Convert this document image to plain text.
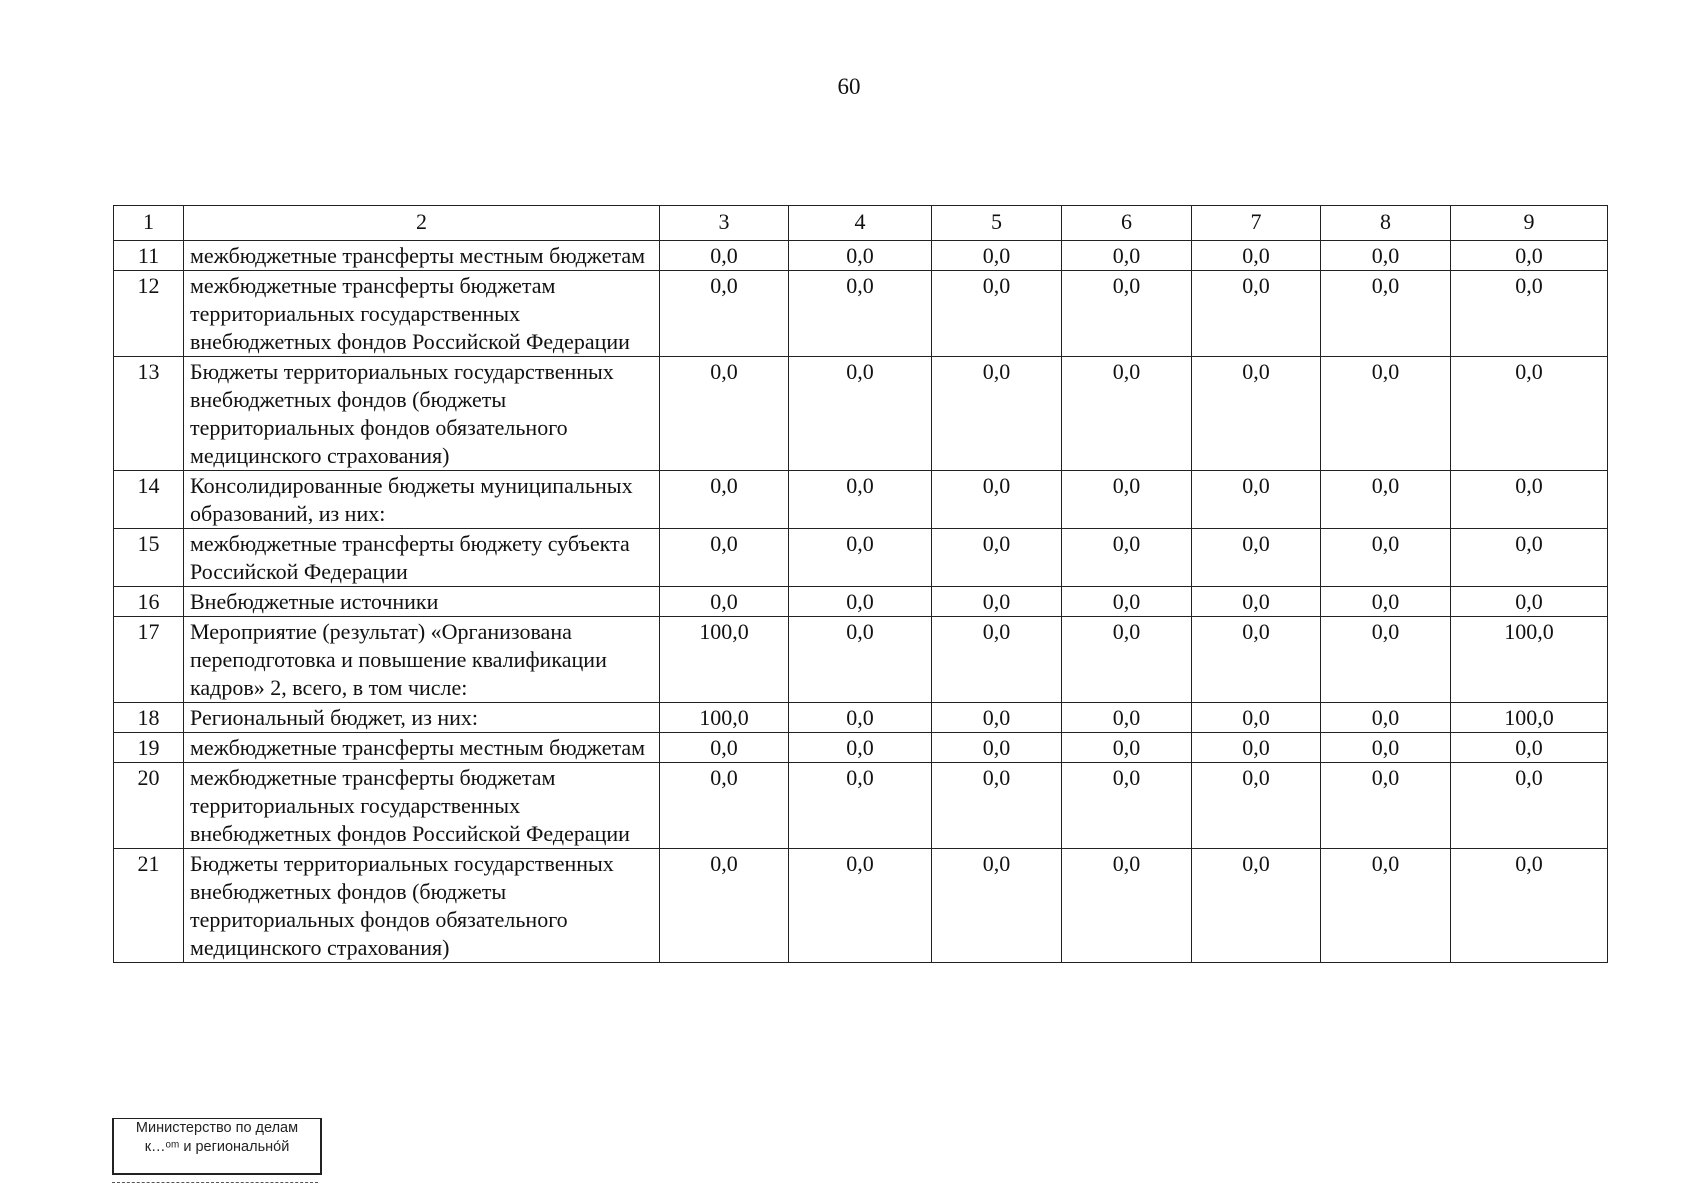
60
1	2	3	4	5	6	7	8	9
11	межбюджетные трансферты местным бюджетам	0,0	0,0	0,0	0,0	0,0	0,0	0,0
12	межбюджетные трансферты бюджетам территориальных государственных внебюджетных фондов Российской Федерации	0,0	0,0	0,0	0,0	0,0	0,0	0,0
13	Бюджеты территориальных государственных внебюджетных фондов (бюджеты территориальных фондов обязательного медицинского страхования)	0,0	0,0	0,0	0,0	0,0	0,0	0,0
14	Консолидированные бюджеты муниципальных образований, из них:	0,0	0,0	0,0	0,0	0,0	0,0	0,0
15	межбюджетные трансферты бюджету субъекта Российской Федерации	0,0	0,0	0,0	0,0	0,0	0,0	0,0
16	Внебюджетные источники	0,0	0,0	0,0	0,0	0,0	0,0	0,0
17	Мероприятие (результат) «Организована переподготовка и повышение квалификации кадров» 2, всего, в том числе:	100,0	0,0	0,0	0,0	0,0	0,0	100,0
18	Региональный бюджет, из них:	100,0	0,0	0,0	0,0	0,0	0,0	100,0
19	межбюджетные трансферты местным бюджетам	0,0	0,0	0,0	0,0	0,0	0,0	0,0
20	межбюджетные трансферты бюджетам территориальных государственных внебюджетных фондов Российской Федерации	0,0	0,0	0,0	0,0	0,0	0,0	0,0
21	Бюджеты территориальных государственных внебюджетных фондов (бюджеты территориальных фондов обязательного медицинского страхования)	0,0	0,0	0,0	0,0	0,0	0,0	0,0
Министерство по делам
к…ᵒᵐ и регионально́й
